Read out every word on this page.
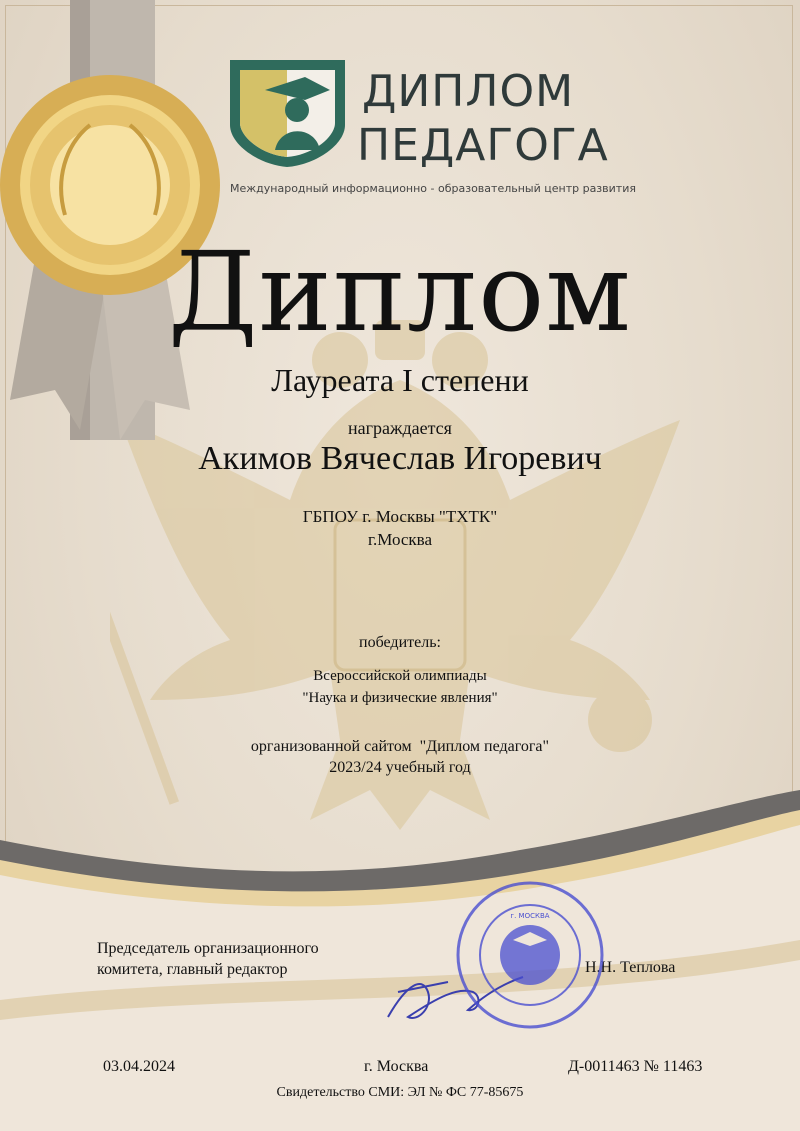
ДИПЛОМ
ПЕДАГОГА
Международный информационно - образовательный центр развития
Диплом
Лауреата I степени
награждается
Акимов Вячеслав Игоревич
ГБПОУ г. Москвы "ТХТК"
г.Москва
победитель:
Всероссийской олимпиады
"Наука и физические явления"
организованной сайтом  "Диплом педагога"
2023/24 учебный год
Председатель организационного
комитета, главный редактор	Н.Н. Теплова
г. МОСКВА
03.04.2024	г. Москва	Д-0011463 № 11463
Свидетельство СМИ: ЭЛ № ФС 77-85675
